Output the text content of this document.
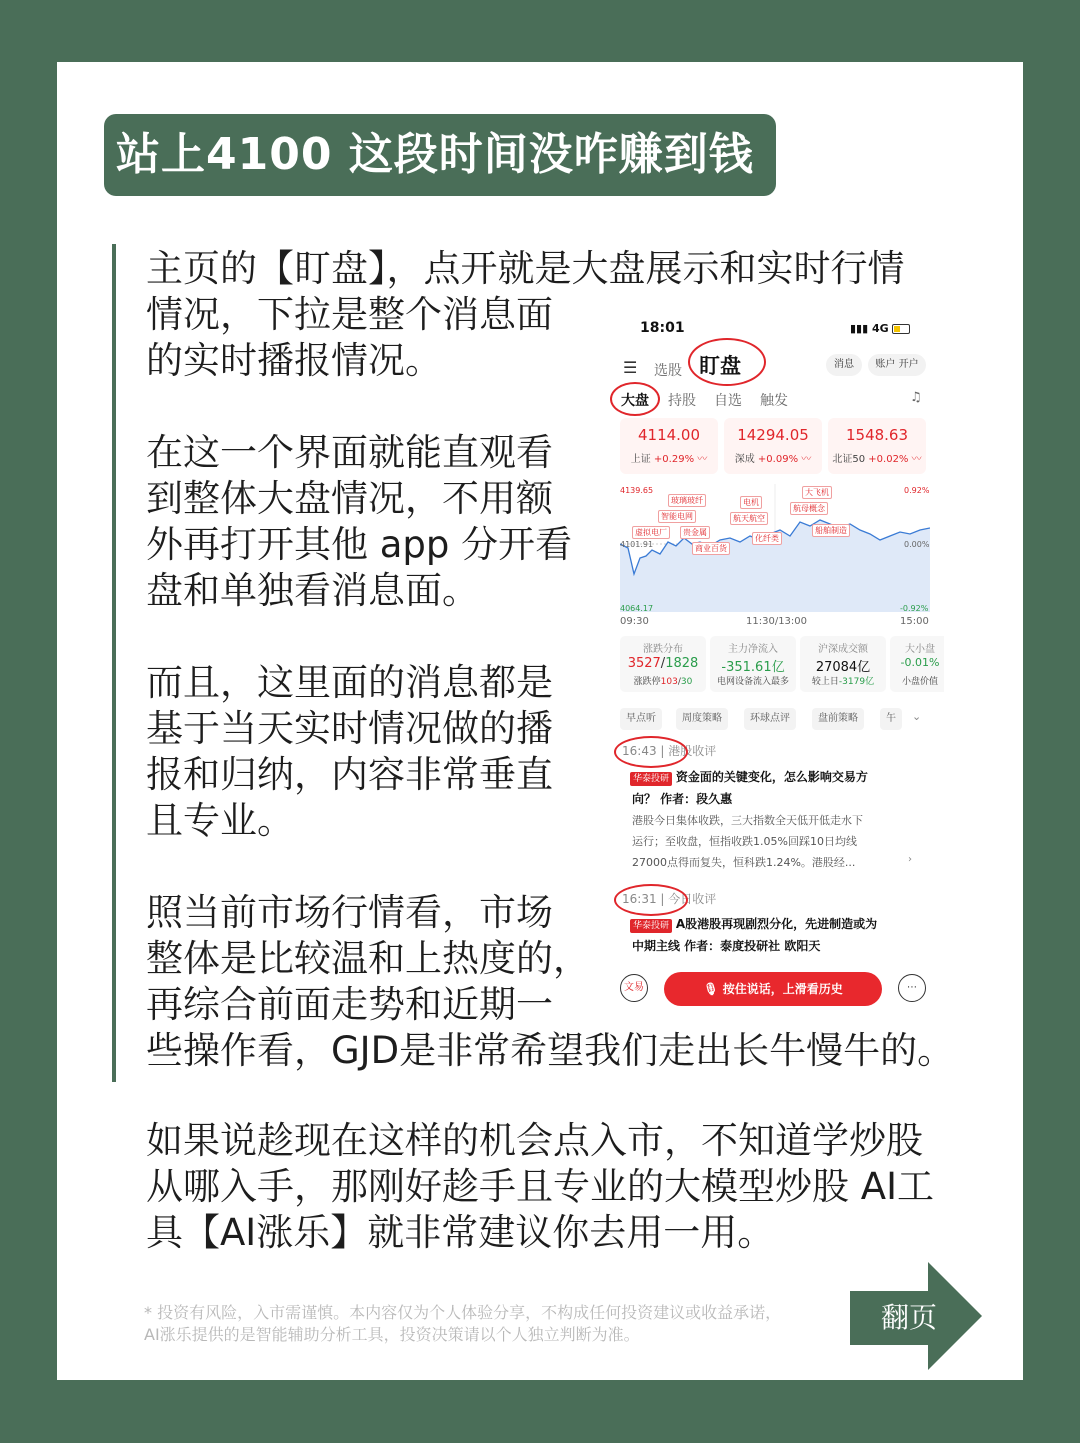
站上4100 这段时间没咋赚到钱
主页的【盯盘】，点开就是大盘展示和实时行情
情况，下拉是整个消息面
的实时播报情况。
在这一个界面就能直观看
到整体大盘情况，不用额
外再打开其他 app 分开看
盘和单独看消息面。
而且，这里面的消息都是
基于当天实时情况做的播
报和归纳，内容非常垂直
且专业。
照当前市场行情看，市场
整体是比较温和上热度的，
再综合前面走势和近期一
些操作看，GJD是非常希望我们走出长牛慢牛的。
如果说趁现在这样的机会点入市，不知道学炒股
从哪入手，那刚好趁手且专业的大模型炒股 AI工
具【AI涨乐】就非常建议你去用一用。
* 投资有风险，入市需谨慎。本内容仅为个人体验分享，不构成任何投资建议或收益承诺，
AI涨乐提供的是智能辅助分析工具，投资决策请以个人独立判断为准。
翻页
18:01	▮▮▮ 4G
☰ 选股 盯盘	消息	账户 开户
大盘 持股 自选 触发	♫
4114.00
上证 +0.29% 〰
14294.05
深成 +0.09% 〰
1548.63
北证50 +0.02% 〰
4139.65
4101.91
4064.17
0.92%
0.00%
-0.92%
玻璃玻纤
智能电网
虚拟电厂	贵金属
商业百货
电机
航天航空
化纤类
大飞机
航母概念
船舶制造
09:30	11:30/13:00	15:00
涨跌分布
3527/1828
涨跌停103/30
主力净流入
-351.61亿
电网设备流入最多
沪深成交额
27084亿
较上日-3179亿
大小盘
-0.01%
小盘价值
早点听	周度策略	环球点评	盘前策略	午	⌄
16:43 | 港股收评
华泰投研 资金面的关键变化，怎么影响交易方
向？ 作者：段久惠
港股今日集体收跌，三大指数全天低开低走水下
运行；至收盘，恒指收跌1.05%回踩10日均线
27000点得而复失，恒科跌1.24%。港股经...	›
16:31 | 今日收评
华泰投研 A股港股再现剧烈分化，先进制造或为
中期主线 作者：泰度投研社 欧阳天
文易	🎙 按住说话，上滑看历史	⋯
